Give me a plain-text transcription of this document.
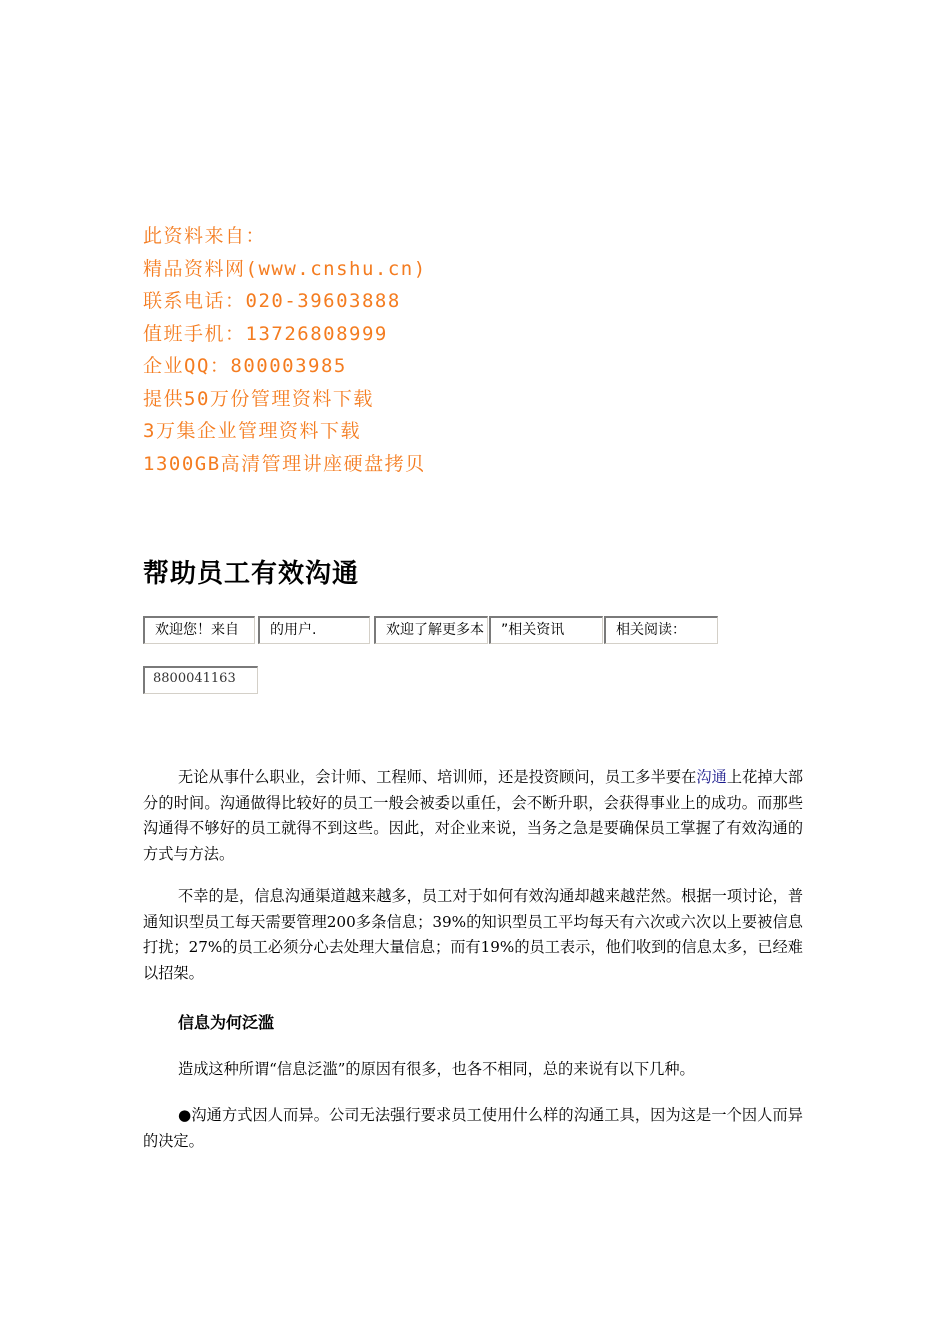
此资料来自：
精品资料网(www.cnshu.cn)
联系电话：020-39603888
值班手机：13726808999
企业QQ：800003985
提供50万份管理资料下载
3万集企业管理资料下载
1300GB高清管理讲座硬盘拷贝
帮助员工有效沟通
欢迎您！来自	的用户.	欢迎了解更多本	”相关资讯	相关阅读：
8800041163

无论从事什么职业，会计师、工程师、培训师，还是投资顾问，员工多半要在沟通上花掉大部分的时间。沟通做得比较好的员工一般会被委以重任，会不断升职，会获得事业上的成功。而那些沟通得不够好的员工就得不到这些。因此，对企业来说，当务之急是要确保员工掌握了有效沟通的方式与方法。

不幸的是，信息沟通渠道越来越多，员工对于如何有效沟通却越来越茫然。根据一项讨论，普通知识型员工每天需要管理200多条信息；39%的知识型员工平均每天有六次或六次以上要被信息打扰；27%的员工必须分心去处理大量信息；而有19%的员工表示，他们收到的信息太多，已经难以招架。

信息为何泛滥

造成这种所谓“信息泛滥”的原因有很多，也各不相同，总的来说有以下几种。

●沟通方式因人而异。公司无法强行要求员工使用什么样的沟通工具，因为这是一个因人而异的决定。
